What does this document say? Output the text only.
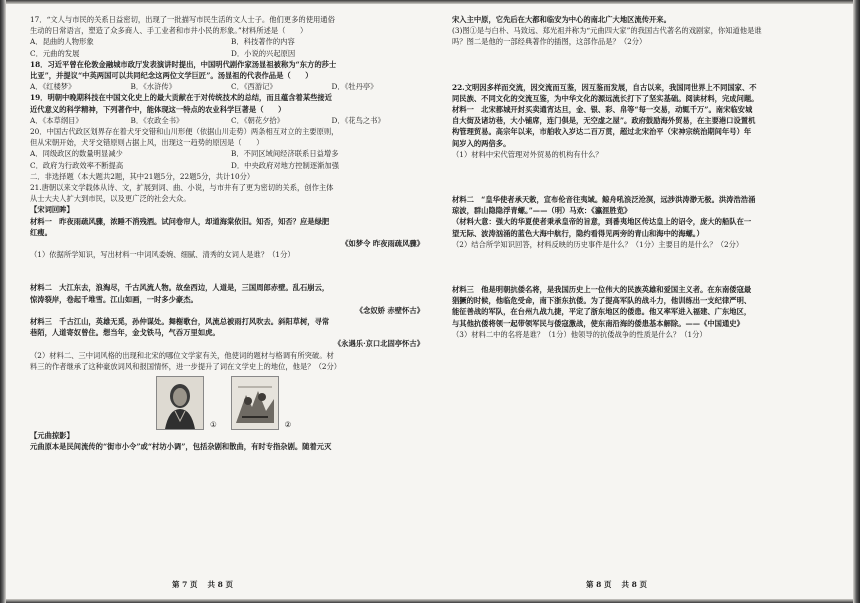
17．“文人与市民的关系日益密切，出现了一批描写市民生活的文人士子。他们更多的使用通俗
生动的日常语言，塑造了众多商人、手工业者和市井小民的形象。”材料所述是（　　）
A．昆曲的人物形象	B．科技著作的内容
C．元曲的发展	D．小说的兴起原因
18．习近平曾在伦敦金融城市政厅发表演讲时提出，中国明代剧作家汤显祖被称为“东方的莎士
比亚”，并提议“中英两国可以共同纪念这两位文学巨匠”。汤显祖的代表作品是（　　）
A．《红楼梦》	B．《水浒传》	C．《西游记》	D．《牡丹亭》
19．明朝中晚期科技在中国文化史上的最大贡献在于对传统技术的总结，而且蕴含着某些接近
近代意义的科学精神，下列著作中，能体现这一特点的农业科学巨著是（　　）
A．《本草纲目》	B．《农政全书》	C．《朝花夕拾》	D．《花鸟之书》
20．中国古代政区划界存在着犬牙交错和山川形便（依据山川走势）两条相互对立的主要原则，
但从宋朝开始，犬牙交错原则占据上风，出现这一趋势的原因是（　　）
A．同级政区的数量明显减少	B．不同区域间经济联系日益增多
C．政府为行政效率不断提高	D．中央政府对地方控制逐渐加强
二．非选择题（本大题共2题，其中21题5分，22题5分，共计10分）
21.唐朝以来文学载体从诗、文，扩展到词、曲、小说，与市井有了更为密切的关系，创作主体
从士大夫人扩大到市民，以及更广泛的社会大众。
【宋词回眸】
材料一　昨夜雨疏风骤，浓睡不消残酒。试问卷帘人，却道海棠依旧。知否，知否？应是绿肥
红瘦。
《如梦令 昨夜雨疏风骤》
（1）依据所学知识，写出材料一中词风委婉、细腻、清秀的女词人是谁？（1分）
材料二　大江东去，浪淘尽，千古风流人物。故垒西边，人道是，三国周郎赤壁。乱石崩云，
惊涛裂岸，卷起千堆雪。江山如画，一时多少豪杰。
《念奴娇 赤壁怀古》
材料三　千古江山，英雄无觅，孙仲谋处。舞榭歌台，风流总被雨打风吹去。斜阳草树，寻常
巷陌，人道寄奴曾住。想当年，金戈铁马，气吞万里如虎。
《永遇乐·京口北固亭怀古》
（2）材料二、三中词风格的出现和北宋的哪位文学家有关，他使词的题材与格调有所突破。材
料三的作者继承了这种豪放词风和报国情怀，进一步提升了词在文学史上的地位，他是？（2分）
①	②
【元曲掠影】
元曲原本是民间流传的“街市小令”或“村坊小调”，包括杂剧和散曲，有时专指杂剧。随着元灭
第 7 页　 共 8 页
宋入主中原，它先后在大都和临安为中心的南北广大地区流传开来。
(3)图①是与白朴、马致远、郑光祖并称为“元曲四大家”的我国古代著名的戏剧家，你知道他是谁
吗？图二是他的一部经典著作的插图，这部作品是？（2分）
22.文明因多样而交流，因交流而互鉴，因互鉴而发展，自古以来，我国同世界上不同国家、不
同民族、不同文化的交流互鉴，为中华文化的源远流长打下了坚实基础。阅读材料，完成问题。
材料一　北宋都城开封买卖通宵达旦，金、银、彩、帛等“每一交易，动辄千万”。南宋临安城
自大街及诸坊巷，大小铺席，连门俱是，无空虚之屋”。政府鼓励海外贸易，在主要港口设置机
构管理贸易。高宗年以来，市舶收入岁达二百万贯，超过北宋治平（宋神宗统治期间年号）年
间岁入的两倍多。
（1）材料中宋代管理对外贸易的机构有什么？
材料二　“皇华使者承天敕，宣布伦音往夷域。鲸舟吼浪泛沧溟，远涉洪涛渺无极。洪涛浩浩涌
琼波，群山隐隐浮青螺。”——（明）马欢：《瀛涯胜览》
（材料大意：强大的华夏使者秉承皇帝的旨意，到番夷地区传达皇上的诏令，庞大的船队在一
望无际、波涛汹涌的蓝色大海中航行，隐约看得见两旁的青山和海中的海螺。）
（2）结合所学知识回答，材料反映的历史事件是什么？（1分）主要目的是什么？（2分）
材料三　他是明朝抗倭名将，是我国历史上一位伟大的民族英雄和爱国主义者。在东南倭寇最
猖獗的时候，他临危受命，南下浙东抗倭。为了提高军队的战斗力，他训练出一支纪律严明、
能征善战的军队，在台州九战九捷，平定了浙东地区的倭患。他又率军进入福建、广东地区，
与其他抗倭将领一起带领军民与倭寇激战，使东南沿海的倭患基本解除。——《中国通史》
（3）材料二中的名将是谁？（1分）他领导的抗倭战争的性质是什么？（1分）
第 8 页　 共 8 页
